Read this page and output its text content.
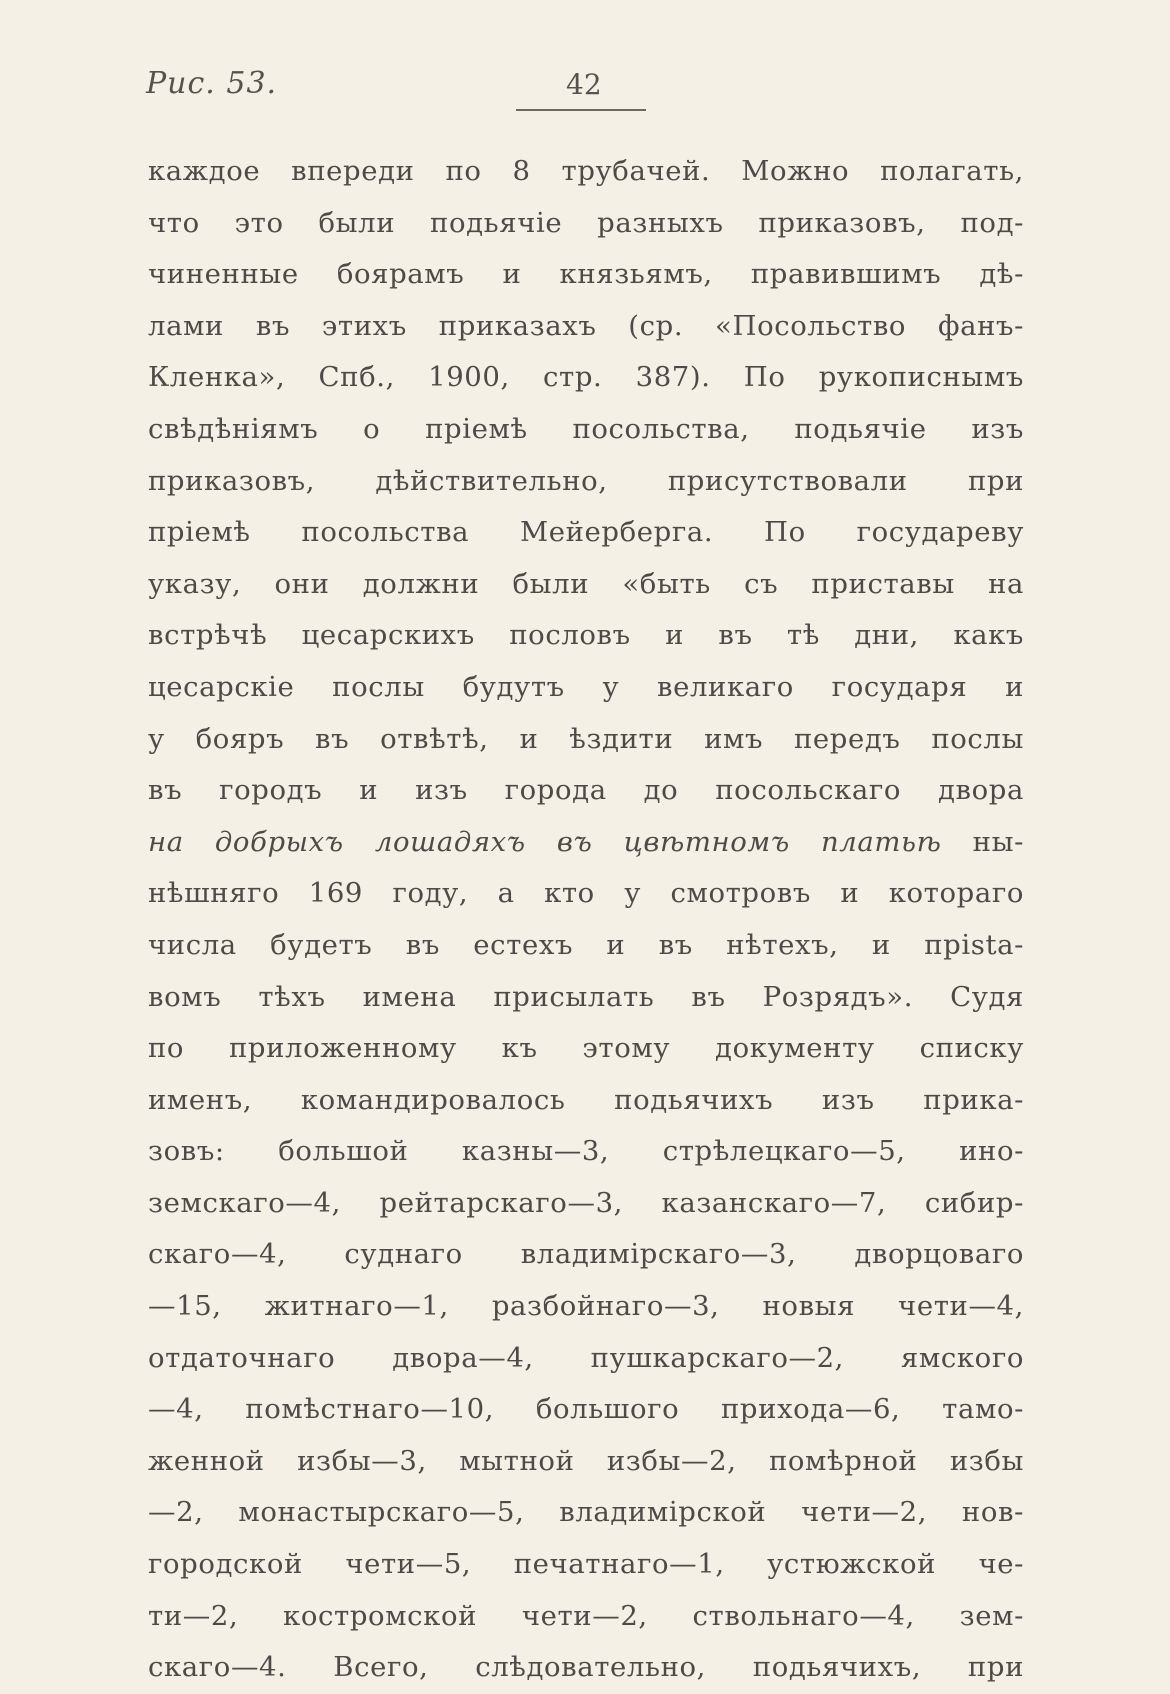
Рис. 53.	42
каждое впереди по 8 трубачей. Можно полагать,
что это были подьячіе разныхъ приказовъ, под-
чиненные боярамъ и князьямъ, правившимъ дѣ-
лами въ этихъ приказахъ (ср. «Посольство фанъ-
Кленка», Спб., 1900, стр. 387). По рукописнымъ
свѣдѣніямъ о пріемѣ посольства, подьячіе изъ
приказовъ, дѣйствительно, присутствовали при
пріемѣ посольства Мейерберга. По государеву
указу, они должни были «быть съ приставы на
встрѣчѣ цесарскихъ пословъ и въ тѣ дни, какъ
цесарскіе послы будутъ у великаго государя и
у бояръ въ отвѣтѣ, и ѣздити имъ передъ послы
въ городъ и изъ города до посольскаго двора
на добрыхъ лошадяхъ въ цвѣтномъ платьѣ ны-
нѣшняго 169 году, а кто у смотровъ и котораго
числа будетъ въ естехъ и въ нѣтехъ, и прista-
вомъ тѣхъ имена присылать въ Розрядъ». Судя
по приложенному къ этому документу списку
именъ, командировалось подьячихъ изъ прика-
зовъ: большой казны—3, стрѣлецкаго—5, ино-
земскаго—4, рейтарскаго—3, казанскаго—7, сибир-
скаго—4, суднаго владимірскаго—3, дворцоваго
—15, житнаго—1, разбойнаго—3, новыя чети—4,
отдаточнаго двора—4, пушкарскаго—2, ямского
—4, помѣстнаго—10, большого прихода—6, тамо-
женной избы—3, мытной избы—2, помѣрной избы
—2, монастырскаго—5, владимірской чети—2, нов-
городской чети—5, печатнаго—1, устюжской че-
ти—2, костромской чети—2, ствольнаго—4, зем-
скаго—4. Всего, слѣдовательно, подьячихъ, при
